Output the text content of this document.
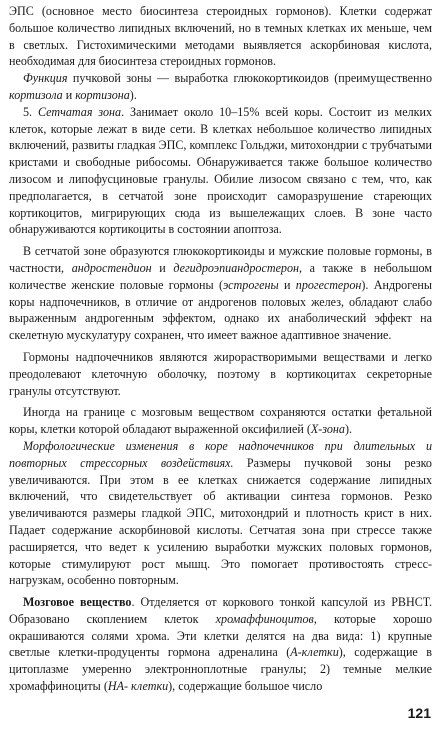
ЭПС (основное место биосинтеза стероидных гормонов). Клетки содержат большое количество липидных включений, но в темных клетках их меньше, чем в светлых. Гистохимическими методами выявляется аскорбиновая кислота, необходимая для биосинтеза стероидных гормонов.

Функция пучковой зоны — выработка глюкокортикоидов (преимущественно кортизола и кортизона).

5. Сетчатая зона. Занимает около 10–15% всей коры. Состоит из мелких клеток, которые лежат в виде сети. В клетках небольшое количество липидных включений, развиты гладкая ЭПС, комплекс Гольджи, митохондрии с трубчатыми кристами и свободные рибосомы. Обнаруживается также большое количество лизосом и липофусциновые гранулы. Обилие лизосом связано с тем, что, как предполагается, в сетчатой зоне происходит саморазрушение стареющих кортикоцитов, мигрирующих сюда из вышележащих слоев. В зоне часто обнаруживаются кортикоциты в состоянии апоптоза.

В сетчатой зоне образуются глюкокортикоиды и мужские половые гормоны, в частности, андростендион и дегидроэпиандростерон, а также в небольшом количестве женские половые гормоны (эстрогены и прогестерон). Андрогены коры надпочечников, в отличие от андрогенов половых желез, обладают слабо выраженным андрогенным эффектом, однако их анаболический эффект на скелетную мускулатуру сохранен, что имеет важное адаптивное значение.

Гормоны надпочечников являются жирорастворимыми веществами и легко преодолевают клеточную оболочку, поэтому в кортикоцитах секреторные гранулы отсутствуют.

Иногда на границе с мозговым веществом сохраняются остатки фетальной коры, клетки которой обладают выраженной оксифилией (X-зона).

Морфологические изменения в коре надпочечников при длительных и повторных стрессорных воздействиях. Размеры пучковой зоны резко увеличиваются. При этом в ее клетках снижается содержание липидных включений, что свидетельствует об активации синтеза гормонов. Резко увеличиваются размеры гладкой ЭПС, митохондрий и плотность крист в них. Падает содержание аскорбиновой кислоты. Сетчатая зона при стрессе также расширяется, что ведет к усилению выработки мужских половых гормонов, которые стимулируют рост мышц. Это помогает противостоять стресс-нагрузкам, особенно повторным.

Мозговое вещество. Отделяется от коркового тонкой капсулой из РВНСТ. Образовано скоплением клеток хромаффиноцитов, которые хорошо окрашиваются солями хрома. Эти клетки делятся на два вида: 1) крупные светлые клетки-продуценты гормона адреналина (А-клетки), содержащие в цитоплазме умеренно электронноплотные гранулы; 2) темные мелкие хромаффиноциты (НА- клетки), содержащие большое число

121
